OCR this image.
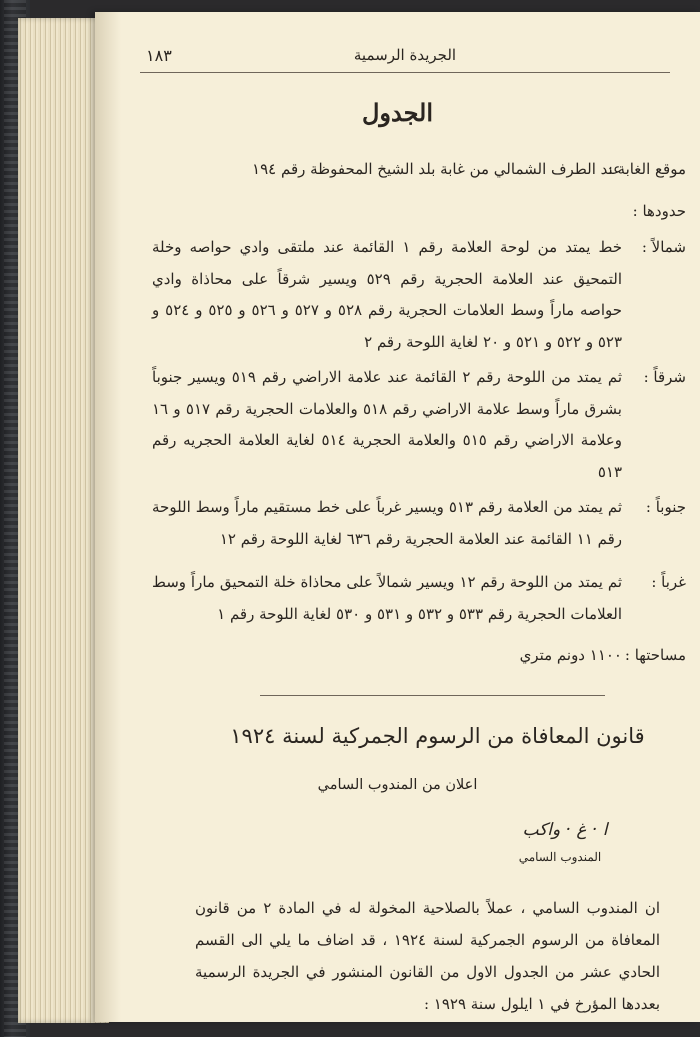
١٨٣	الجريدة الرسمية
الجدول
موقع الغابة :
عند الطرف الشمالي من غابة بلد الشيخ المحفوظة رقم ١٩٤
حدودها :
شمالاً :
خط يمتد من لوحة العلامة رقم ١ القائمة عند ملتقى وادي حواصه وخلة التمحيق عند العلامة الحجرية رقم ٥٢٩ ويسير شرقاً على محاذاة وادي حواصه ماراً وسط العلامات الحجرية رقم ٥٢٨ و ٥٢٧ و ٥٢٦ و ٥٢٥ و ٥٢٤ و ٥٢٣ و ٥٢٢ و ٥٢١ و ٢٠ لغاية اللوحة رقم ٢
شرقاً :
ثم يمتد من اللوحة رقم ٢ القائمة عند علامة الاراضي رقم ٥١٩ ويسير جنوباً بشرق ماراً وسط علامة الاراضي رقم ٥١٨ والعلامات الحجرية رقم ٥١٧ و ١٦ وعلامة الاراضي رقم ٥١٥ والعلامة الحجرية ٥١٤ لغاية العلامة الحجريه رقم ٥١٣
جنوباً :
ثم يمتد من العلامة رقم ٥١٣ ويسير غرباً على خط مستقيم ماراً وسط اللوحة رقم ١١ القائمة عند العلامة الحجرية رقم ٦٣٦ لغاية اللوحة رقم ١٢
غرباً :
ثم يمتد من اللوحة رقم ١٢ ويسير شمالاً على محاذاة خلة التمحيق ماراً وسط العلامات الحجرية رقم ٥٣٣ و ٥٣٢ و ٥٣١ و ٥٣٠ لغاية اللوحة رقم ١
مساحتها :
١١٠٠ دونم متري
قانون المعافاة من الرسوم الجمركية لسنة ١٩٢٤
اعلان من المندوب السامي
ا · غ · واكب
المندوب السامي
ان المندوب السامي ، عملاً بالصلاحية المخولة له في المادة ٢ من قانون المعافاة من الرسوم الجمركية لسنة ١٩٢٤ ، قد اضاف ما يلي الى القسم الحادي عشر من الجدول الاول من القانون المنشور في الجريدة الرسمية بعددها المؤرخ في ١ ايلول سنة ١٩٢٩ :
